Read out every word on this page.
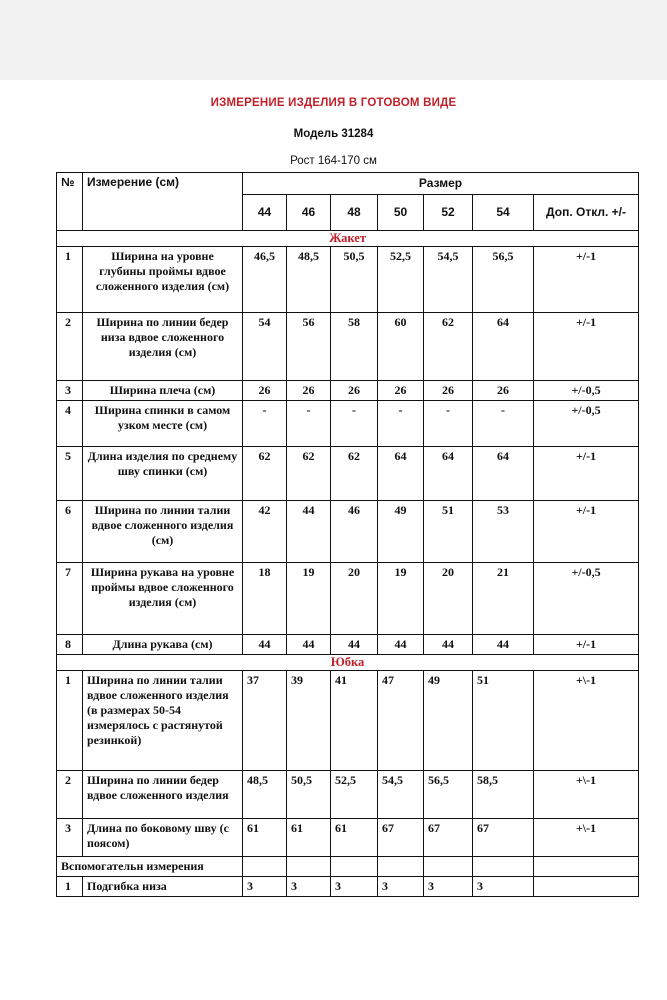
ИЗМЕРЕНИЕ ИЗДЕЛИЯ В ГОТОВОМ ВИДЕ
Модель 31284
Рост 164-170 см
№	Измерение (см)	Размер						
		44	46	48	50	52	54	Доп. Откл. +/-
Жакет								
1	Ширина на уровне глубины проймы вдвое сложенного изделия (см)	46,5	48,5	50,5	52,5	54,5	56,5	+/-1
2	Ширина по линии бедер низа вдвое сложенного изделия (см)	54	56	58	60	62	64	+/-1
3	Ширина плеча (см)	26	26	26	26	26	26	+/-0,5
4	Ширина спинки в самом узком месте (см)	-	-	-	-	-	-	+/-0,5
5	Длина изделия по среднему шву спинки (см)	62	62	62	64	64	64	+/-1
6	Ширина по линии талии вдвое сложенного изделия (см)	42	44	46	49	51	53	+/-1
7	Ширина рукава на уровне проймы вдвое сложенного изделия (см)	18	19	20	19	20	21	+/-0,5
8	Длина рукава (см)	44	44	44	44	44	44	+/-1
Юбка								
1	Ширина по линии талии вдвое сложенного изделия (в размерах 50-54 измерялось с растянутой резинкой)	37	39	41	47	49	51	+\-1
2	Ширина по линии бедер вдвое сложенного изделия	48,5	50,5	52,5	54,5	56,5	58,5	+\-1
3	Длина по боковому шву (с поясом)	61	61	61	67	67	67	+\-1
Вспомогательн измерения								
1	Подгибка низа	3	3	3	3	3	3	
